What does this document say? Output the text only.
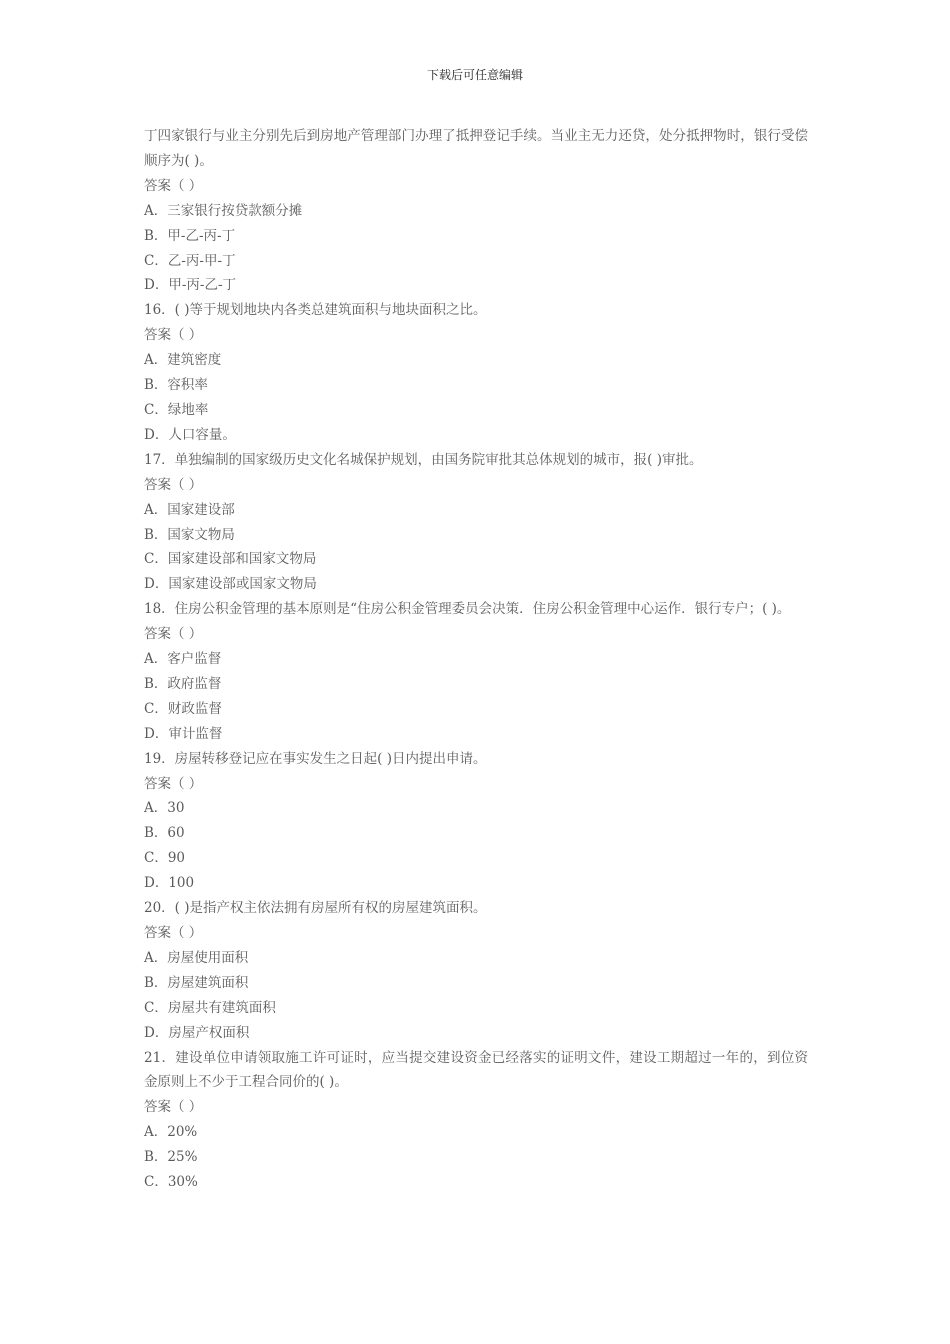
下载后可任意编辑

丁四家银行与业主分别先后到房地产管理部门办理了抵押登记手续。当业主无力还贷，处分抵押物时，银行受偿顺序为( )。

答案（ ）

A．三家银行按贷款额分摊

B．甲-乙-丙-丁

C．乙-丙-甲-丁

D．甲-丙-乙-丁

16．( )等于规划地块内各类总建筑面积与地块面积之比。

答案（ ）

A．建筑密度

B．容积率

C．绿地率

D．人口容量。

17．单独编制的国家级历史文化名城保护规划，由国务院审批其总体规划的城市，报( )审批。

答案（ ）

A．国家建设部

B．国家文物局

C．国家建设部和国家文物局

D．国家建设部或国家文物局

18．住房公积金管理的基本原则是“住房公积金管理委员会决策．住房公积金管理中心运作．银行专户；( )。

答案（ ）

A．客户监督

B．政府监督

C．财政监督

D．审计监督

19．房屋转移登记应在事实发生之日起( )日内提出申请。

答案（ ）

A．30

B．60

C．90

D．100

20．( )是指产权主依法拥有房屋所有权的房屋建筑面积。

答案（ ）

A．房屋使用面积

B．房屋建筑面积

C．房屋共有建筑面积

D．房屋产权面积

21．建设单位申请领取施工许可证时，应当提交建设资金已经落实的证明文件，建设工期超过一年的，到位资金原则上不少于工程合同价的( )。

答案（ ）

A．20%

B．25%

C．30%
